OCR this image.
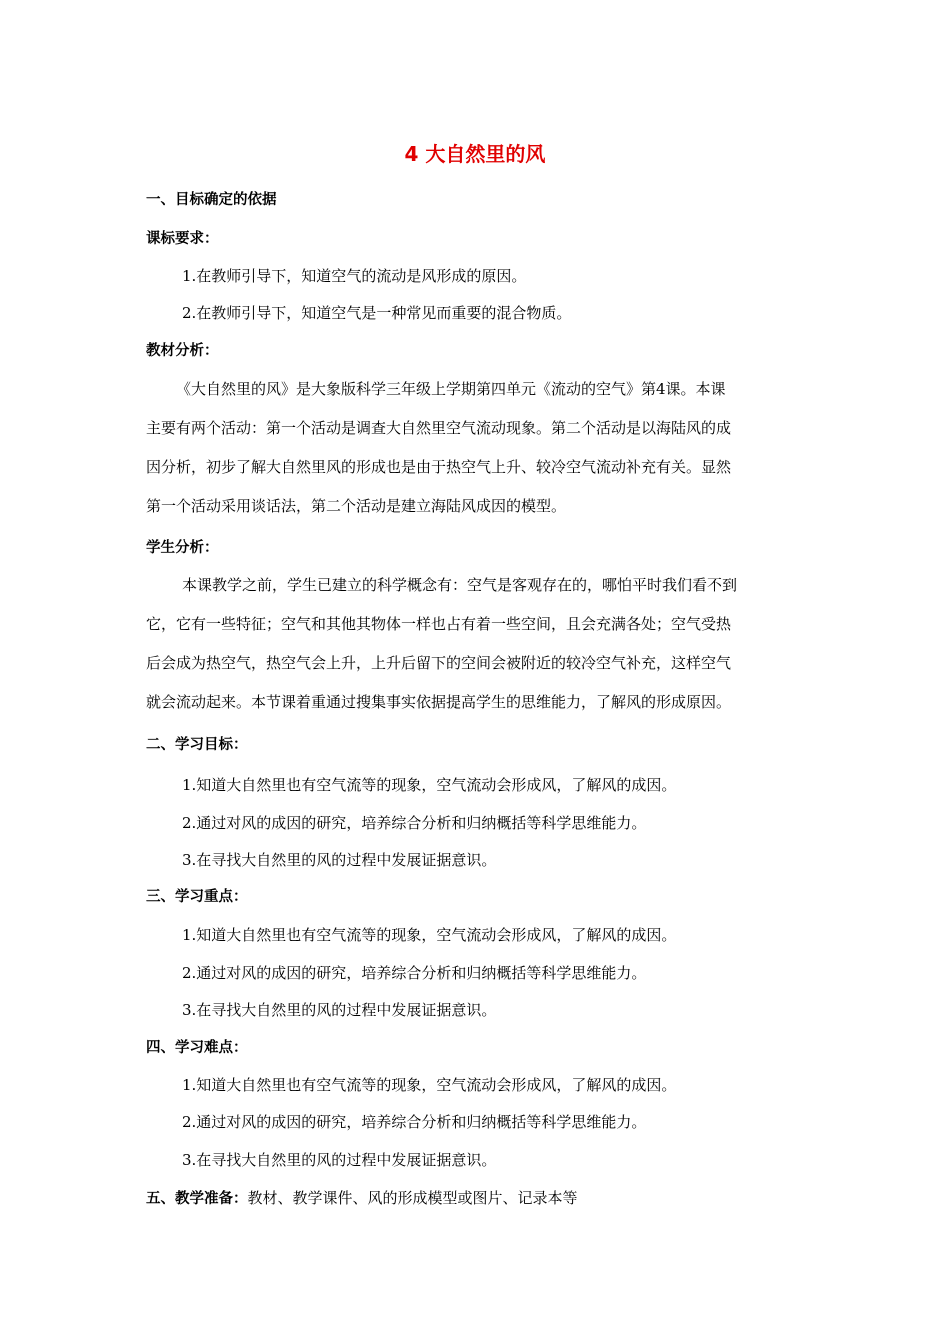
4 大自然里的风
一、目标确定的依据
课标要求：
1.在教师引导下，知道空气的流动是风形成的原因。
2.在教师引导下，知道空气是一种常见而重要的混合物质。
教材分析：
《大自然里的风》是大象版科学三年级上学期第四单元《流动的空气》第4课。本课
主要有两个活动：第一个活动是调查大自然里空气流动现象。第二个活动是以海陆风的成
因分析，初步了解大自然里风的形成也是由于热空气上升、较冷空气流动补充有关。显然
第一个活动采用谈话法，第二个活动是建立海陆风成因的模型。
学生分析：
本课教学之前，学生已建立的科学概念有：空气是客观存在的，哪怕平时我们看不到
它，它有一些特征；空气和其他其物体一样也占有着一些空间，且会充满各处；空气受热
后会成为热空气，热空气会上升，上升后留下的空间会被附近的较冷空气补充，这样空气
就会流动起来。本节课着重通过搜集事实依据提高学生的思维能力，了解风的形成原因。
二、学习目标：
1.知道大自然里也有空气流等的现象，空气流动会形成风，了解风的成因。
2.通过对风的成因的研究，培养综合分析和归纳概括等科学思维能力。
3.在寻找大自然里的风的过程中发展证据意识。
三、学习重点：
1.知道大自然里也有空气流等的现象，空气流动会形成风，了解风的成因。
2.通过对风的成因的研究，培养综合分析和归纳概括等科学思维能力。
3.在寻找大自然里的风的过程中发展证据意识。
四、学习难点：
1.知道大自然里也有空气流等的现象，空气流动会形成风，了解风的成因。
2.通过对风的成因的研究，培养综合分析和归纳概括等科学思维能力。
3.在寻找大自然里的风的过程中发展证据意识。
五、教学准备：教材、教学课件、风的形成模型或图片、记录本等
